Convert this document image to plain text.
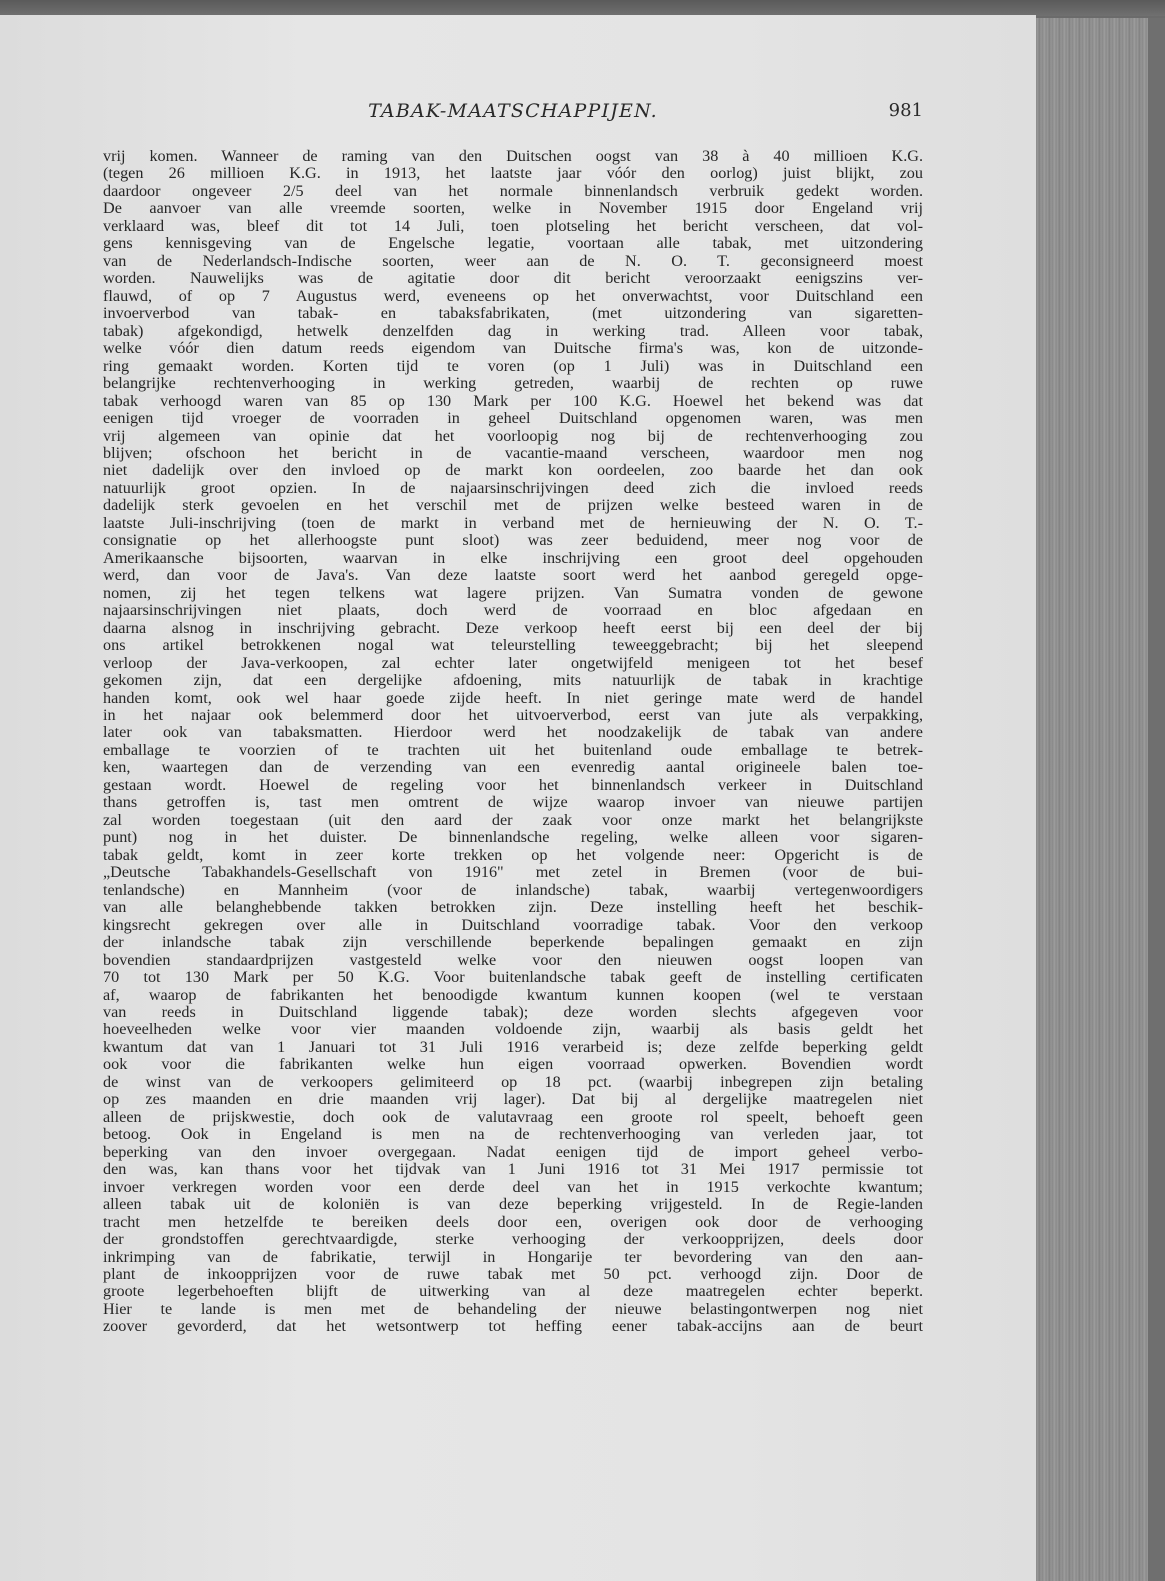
TABAK-MAATSCHAPPIJEN.	981
vrij komen. Wanneer de raming van den Duitschen oogst van 38 à 40 millioen K.G.
(tegen 26 millioen K.G. in 1913, het laatste jaar vóór den oorlog) juist blijkt, zou
daardoor ongeveer 2/5 deel van het normale binnenlandsch verbruik gedekt worden.
De aanvoer van alle vreemde soorten, welke in November 1915 door Engeland vrij
verklaard was, bleef dit tot 14 Juli, toen plotseling het bericht verscheen, dat vol-
gens kennisgeving van de Engelsche legatie, voortaan alle tabak, met uitzondering
van de Nederlandsch-Indische soorten, weer aan de N. O. T. geconsigneerd moest
worden. Nauwelijks was de agitatie door dit bericht veroorzaakt eenigszins ver-
flauwd, of op 7 Augustus werd, eveneens op het onverwachtst, voor Duitschland een
invoerverbod van tabak- en tabaksfabrikaten, (met uitzondering van sigaretten-
tabak) afgekondigd, hetwelk denzelfden dag in werking trad. Alleen voor tabak,
welke vóór dien datum reeds eigendom van Duitsche firma's was, kon de uitzonde-
ring gemaakt worden. Korten tijd te voren (op 1 Juli) was in Duitschland een
belangrijke rechtenverhooging in werking getreden, waarbij de rechten op ruwe
tabak verhoogd waren van 85 op 130 Mark per 100 K.G. Hoewel het bekend was dat
eenigen tijd vroeger de voorraden in geheel Duitschland opgenomen waren, was men
vrij algemeen van opinie dat het voorloopig nog bij de rechtenverhooging zou
blijven; ofschoon het bericht in de vacantie-maand verscheen, waardoor men nog
niet dadelijk over den invloed op de markt kon oordeelen, zoo baarde het dan ook
natuurlijk groot opzien. In de najaarsinschrijvingen deed zich die invloed reeds
dadelijk sterk gevoelen en het verschil met de prijzen welke besteed waren in de
laatste Juli-inschrijving (toen de markt in verband met de hernieuwing der N. O. T.-
consignatie op het allerhoogste punt sloot) was zeer beduidend, meer nog voor de
Amerikaansche bijsoorten, waarvan in elke inschrijving een groot deel opgehouden
werd, dan voor de Java's. Van deze laatste soort werd het aanbod geregeld opge-
nomen, zij het tegen telkens wat lagere prijzen. Van Sumatra vonden de gewone
najaarsinschrijvingen niet plaats, doch werd de voorraad en bloc afgedaan en
daarna alsnog in inschrijving gebracht. Deze verkoop heeft eerst bij een deel der bij
ons artikel betrokkenen nogal wat teleurstelling teweeggebracht; bij het sleepend
verloop der Java-verkoopen, zal echter later ongetwijfeld menigeen tot het besef
gekomen zijn, dat een dergelijke afdoening, mits natuurlijk de tabak in krachtige
handen komt, ook wel haar goede zijde heeft. In niet geringe mate werd de handel
in het najaar ook belemmerd door het uitvoerverbod, eerst van jute als verpakking,
later ook van tabaksmatten. Hierdoor werd het noodzakelijk de tabak van andere
emballage te voorzien of te trachten uit het buitenland oude emballage te betrek-
ken, waartegen dan de verzending van een evenredig aantal origineele balen toe-
gestaan wordt. Hoewel de regeling voor het binnenlandsch verkeer in Duitschland
thans getroffen is, tast men omtrent de wijze waarop invoer van nieuwe partijen
zal worden toegestaan (uit den aard der zaak voor onze markt het belangrijkste
punt) nog in het duister. De binnenlandsche regeling, welke alleen voor sigaren-
tabak geldt, komt in zeer korte trekken op het volgende neer: Opgericht is de
„Deutsche Tabakhandels-Gesellschaft von 1916" met zetel in Bremen (voor de bui-
tenlandsche) en Mannheim (voor de inlandsche) tabak, waarbij vertegenwoordigers
van alle belanghebbende takken betrokken zijn. Deze instelling heeft het beschik-
kingsrecht gekregen over alle in Duitschland voorradige tabak. Voor den verkoop
der inlandsche tabak zijn verschillende beperkende bepalingen gemaakt en zijn
bovendien standaardprijzen vastgesteld welke voor den nieuwen oogst loopen van
70 tot 130 Mark per 50 K.G. Voor buitenlandsche tabak geeft de instelling certificaten
af, waarop de fabrikanten het benoodigde kwantum kunnen koopen (wel te verstaan
van reeds in Duitschland liggende tabak); deze worden slechts afgegeven voor
hoeveelheden welke voor vier maanden voldoende zijn, waarbij als basis geldt het
kwantum dat van 1 Januari tot 31 Juli 1916 verarbeid is; deze zelfde beperking geldt
ook voor die fabrikanten welke hun eigen voorraad opwerken. Bovendien wordt
de winst van de verkoopers gelimiteerd op 18 pct. (waarbij inbegrepen zijn betaling
op zes maanden en drie maanden vrij lager). Dat bij al dergelijke maatregelen niet
alleen de prijskwestie, doch ook de valutavraag een groote rol speelt, behoeft geen
betoog. Ook in Engeland is men na de rechtenverhooging van verleden jaar, tot
beperking van den invoer overgegaan. Nadat eenigen tijd de import geheel verbo-
den was, kan thans voor het tijdvak van 1 Juni 1916 tot 31 Mei 1917 permissie tot
invoer verkregen worden voor een derde deel van het in 1915 verkochte kwantum;
alleen tabak uit de koloniën is van deze beperking vrijgesteld. In de Regie-landen
tracht men hetzelfde te bereiken deels door een, overigen ook door de verhooging
der grondstoffen gerechtvaardigde, sterke verhooging der verkoopprijzen, deels door
inkrimping van de fabrikatie, terwijl in Hongarije ter bevordering van den aan-
plant de inkoopprijzen voor de ruwe tabak met 50 pct. verhoogd zijn. Door de
groote legerbehoeften blijft de uitwerking van al deze maatregelen echter beperkt.
Hier te lande is men met de behandeling der nieuwe belastingontwerpen nog niet
zoover gevorderd, dat het wetsontwerp tot heffing eener tabak-accijns aan de beurt
